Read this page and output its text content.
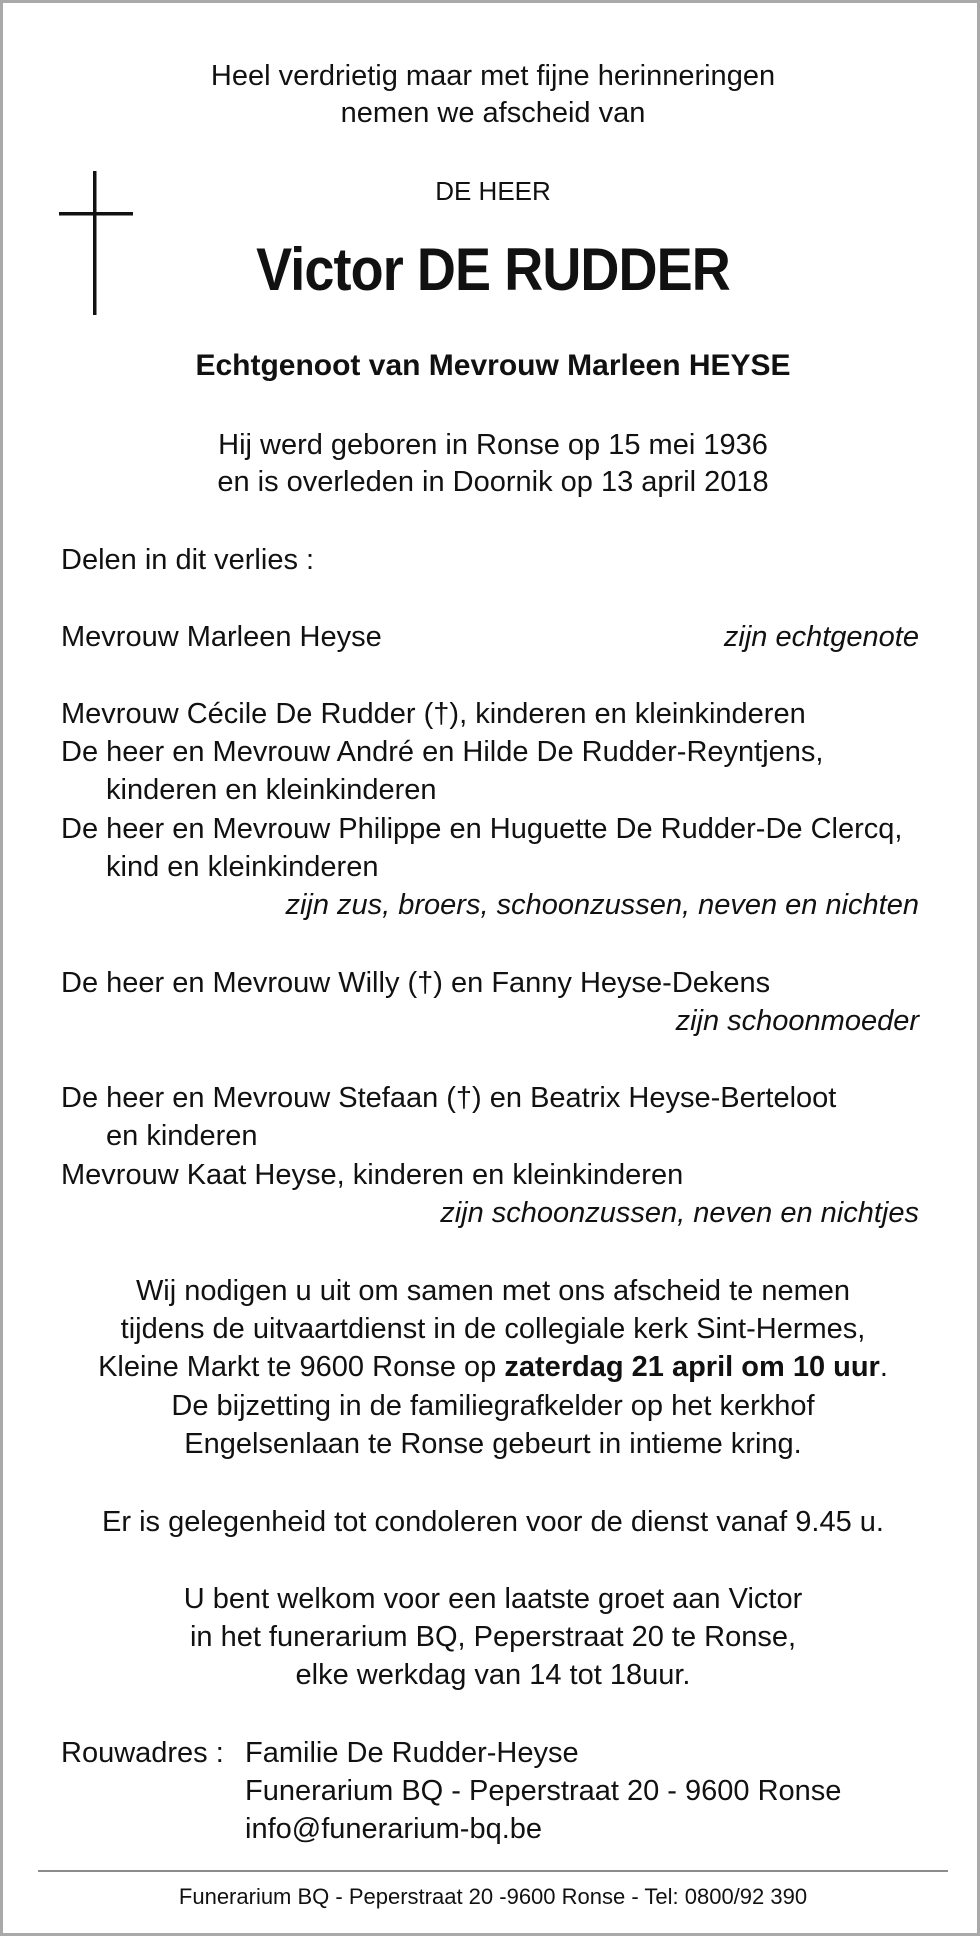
Heel verdrietig maar met fijne herinneringen
nemen we afscheid van
DE HEER
Victor DE RUDDER
Echtgenoot van Mevrouw Marleen HEYSE
Hij werd geboren in Ronse op 15 mei 1936
en is overleden in Doornik op 13 april 2018
Delen in dit verlies :
Mevrouw Marleen Heyse	zijn echtgenote
Mevrouw Cécile De Rudder (†), kinderen en kleinkinderen
De heer en Mevrouw André en Hilde De Rudder-Reyntjens,
kinderen en kleinkinderen
De heer en Mevrouw Philippe en Huguette De Rudder-De Clercq,
kind en kleinkinderen
zijn zus, broers, schoonzussen, neven en nichten
De heer en Mevrouw Willy (†) en Fanny Heyse-Dekens
zijn schoonmoeder
De heer en Mevrouw Stefaan (†) en Beatrix Heyse-Berteloot
en kinderen
Mevrouw Kaat Heyse, kinderen en kleinkinderen
zijn schoonzussen, neven en nichtjes
Wij nodigen u uit om samen met ons afscheid te nemen
tijdens de uitvaartdienst in de collegiale kerk Sint-Hermes,
Kleine Markt te 9600 Ronse op zaterdag 21 april om 10 uur.
De bijzetting in de familiegrafkelder op het kerkhof
Engelsenlaan te Ronse gebeurt in intieme kring.
Er is gelegenheid tot condoleren voor de dienst vanaf 9.45 u.
U bent welkom voor een laatste groet aan Victor
in het funerarium BQ, Peperstraat 20 te Ronse,
elke werkdag van 14 tot 18uur.
Rouwadres : Familie De Rudder-Heyse
Funerarium BQ - Peperstraat 20 - 9600 Ronse
info@funerarium-bq.be
Funerarium BQ - Peperstraat 20 -9600 Ronse - Tel: 0800/92 390
